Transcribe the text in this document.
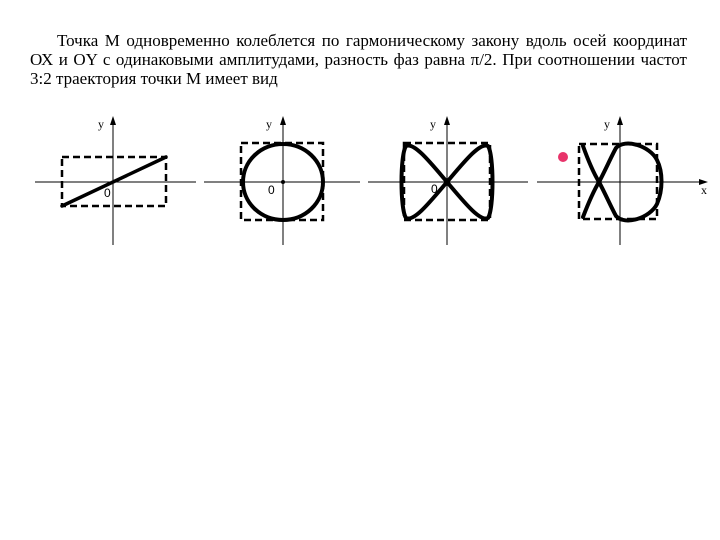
Точка М одновременно колеблется по гармоническому закону вдоль осей координат ОХ и ОY с одинаковыми амплитудами, разность фаз равна π/2. При соотношении частот 3:2 траектория точки М имеет вид

y
0
y
0
y
0	x
y
